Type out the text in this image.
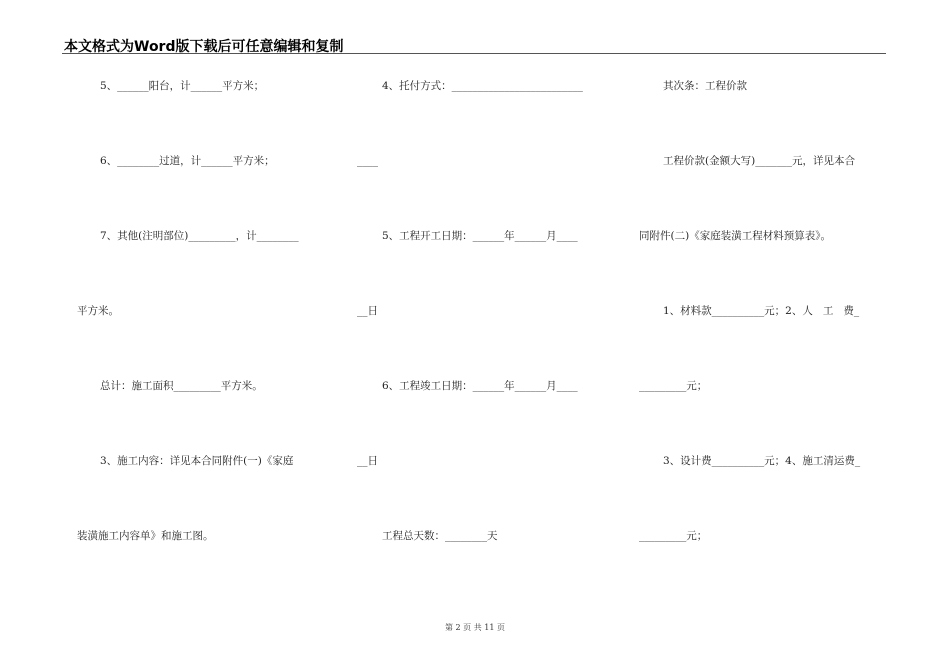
本文格式为Word版下载后可任意编辑和复制
5、______阳台，计______平方米；
6、________过道，计______平方米；
7、其他(注明部位)_________，计________
平方米。
总计：施工面积_________平方米。
3、施工内容：详见本合同附件(一)《家庭
装潢施工内容单》和施工图。
4、托付方式：_________________________
____
5、工程开工日期：______年______月____
__日
6、工程竣工日期：______年______月____
__日
工程总天数：________天
其次条：工程价款
工程价款(金额大写)_______元，详见本合
同附件(二)《家庭装潢工程材料预算表》。
1、材料款__________元；2、人   工   费_
_________元；
3、设计费__________元；4、施工清运费_
_________元；
第 2 页 共 11 页
